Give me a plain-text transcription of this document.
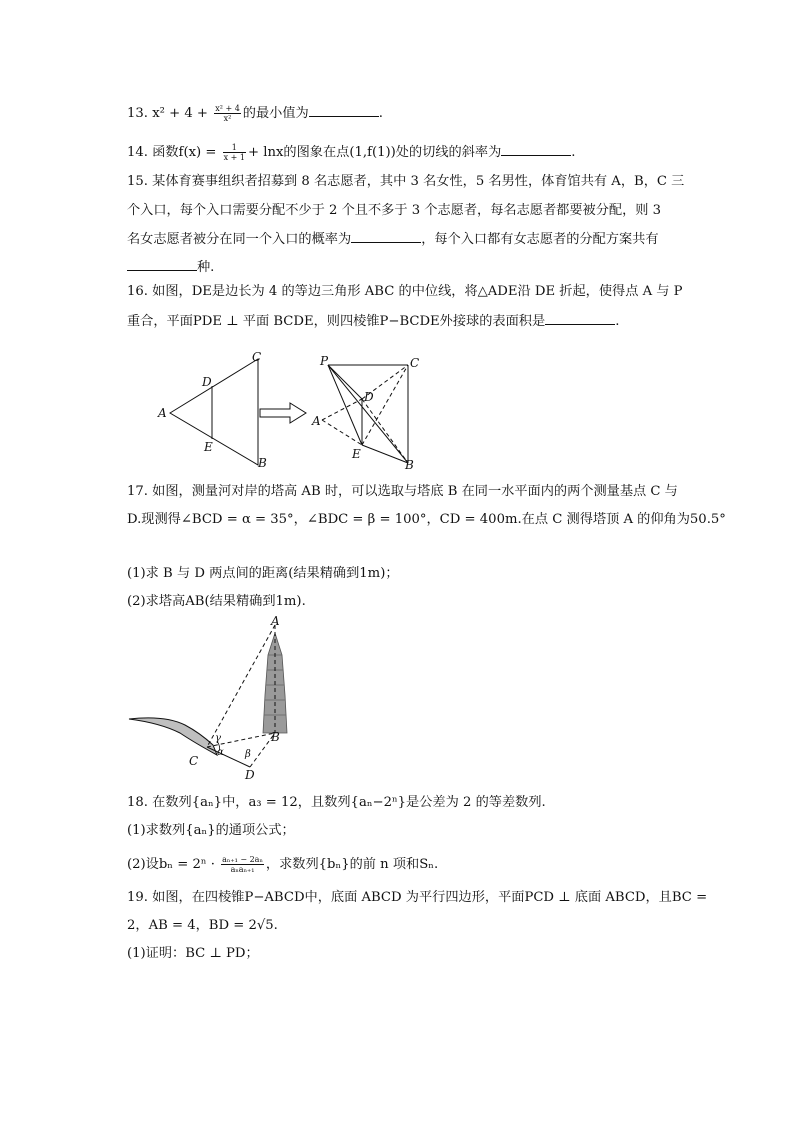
13. $x^2 + 4 + \frac{\text{x² + 4}}{\text{x²}}$ 的最小值为	.
14. 函数$f(x) = \frac{1}{x + 1} + \ln x$的图象在点(1,f(1))处的切线的斜率为	.
15. 某体育赛事组织者招募到 8 名志愿者，其中 3 名女性，5 名男性，体育馆共有 A，B，C 三
个入口，每个入口需要分配不少于 2 个且不多于 3 个志愿者，每名志愿者都要被分配，则 3
名女志愿者被分在同一个入口的概率为	，每个入口都有女志愿者的分配方案共有
种.
16. 如图，DE是边长为 4 的等边三角形 ABC 的中位线，将△ADE沿 DE 折起，使得点 A 与 P
重合，平面PDE ⊥ 平面 BCDE，则四棱锥P−BCDE外接球的表面积是	.
A
B
C
D
E
P	C
D
A
E
B
17. 如图，测量河对岸的塔高 AB 时，可以选取与塔底 B 在同一水平面内的两个测量基点 C 与
D.现测得∠BCD = α = 35°，∠BDC = β = 100°，CD = 400m.在点 C 测得塔顶 A 的仰角为50.5°
(1)求 B 与 D 两点间的距离(结果精确到1m)；
(2)求塔高AB(结果精确到1m).
A
B
C
D
γ
α β
18. 在数列{aₙ}中，a₃ = 12，且数列{aₙ−2ⁿ}是公差为 2 的等差数列.
(1)求数列{aₙ}的通项公式；
(2)设$b_n = 2^n \cdot \frac{\text{aₙ₊₁ − 2aₙ}}{\text{aₙaₙ₊₁}}$ ，求数列{bₙ}的前 n 项和Sₙ.
19. 如图，在四棱锥P−ABCD中，底面 ABCD 为平行四边形，平面PCD ⊥ 底面 ABCD，且BC =
2，AB = 4，BD = 2√5.
(1)证明：BC ⊥ PD；
